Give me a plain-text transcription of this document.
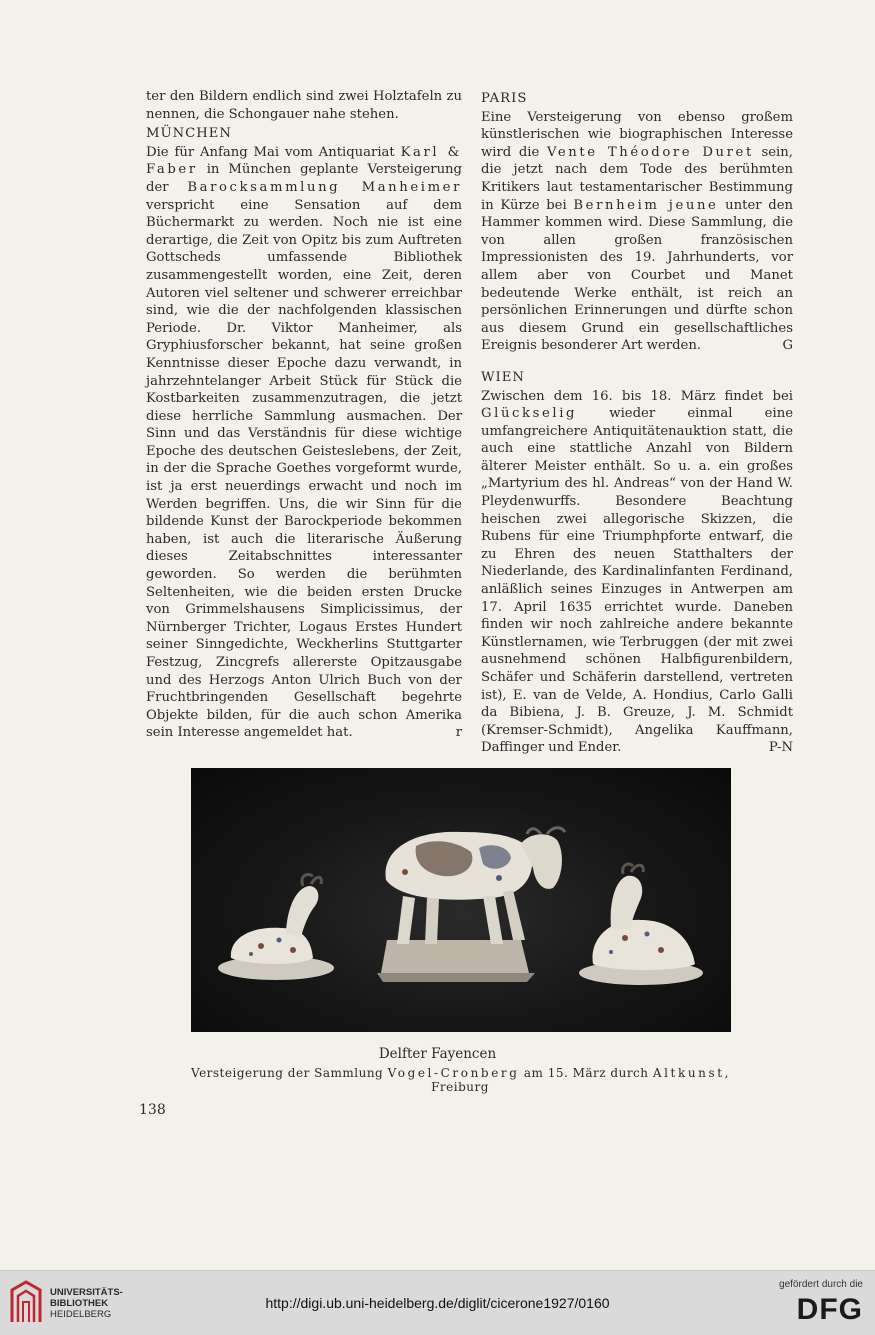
ter den Bildern endlich sind zwei Holztafeln zu nennen, die Schongauer nahe stehen.

MÜNCHEN

Die für Anfang Mai vom Antiquariat Karl & Faber in München geplante Versteigerung der Barocksammlung Manheimer verspricht eine Sensation auf dem Büchermarkt zu werden. Noch nie ist eine derartige, die Zeit von Opitz bis zum Auftreten Gottscheds umfassende Bibliothek zusammengestellt worden, eine Zeit, deren Autoren viel seltener und schwerer erreichbar sind, wie die der nachfolgenden klassischen Periode. Dr. Viktor Manheimer, als Gryphiusforscher bekannt, hat seine großen Kenntnisse dieser Epoche dazu verwandt, in jahrzehntelanger Arbeit Stück für Stück die Kostbarkeiten zusammenzutragen, die jetzt diese herrliche Sammlung ausmachen. Der Sinn und das Verständnis für diese wichtige Epoche des deutschen Geisteslebens, der Zeit, in der die Sprache Goethes vorgeformt wurde, ist ja erst neuerdings erwacht und noch im Werden begriffen. Uns, die wir Sinn für die bildende Kunst der Barockperiode bekommen haben, ist auch die literarische Äußerung dieses Zeitabschnittes interessanter geworden. So werden die berühmten Seltenheiten, wie die beiden ersten Drucke von Grimmelshausens Simplicissimus, der Nürnberger Trichter, Logaus Erstes Hundert seiner Sinngedichte, Weckherlins Stuttgarter Festzug, Zincgrefs allererste Opitzausgabe und des Herzogs Anton Ulrich Buch von der Fruchtbringenden Gesellschaft begehrte Objekte bilden, für die auch schon Amerika sein Interesse angemeldet hat.	r

PARIS

Eine Versteigerung von ebenso großem künstlerischen wie biographischen Interesse wird die Vente Théodore Duret sein, die jetzt nach dem Tode des berühmten Kritikers laut testamentarischer Bestimmung in Kürze bei Bernheim jeune unter den Hammer kommen wird. Diese Sammlung, die von allen großen französischen Impressionisten des 19. Jahrhunderts, vor allem aber von Courbet und Manet bedeutende Werke enthält, ist reich an persönlichen Erinnerungen und dürfte schon aus diesem Grund ein gesellschaftliches Ereignis besonderer Art werden.	G

WIEN

Zwischen dem 16. bis 18. März findet bei Glückselig wieder einmal eine umfangreichere Antiquitätenauktion statt, die auch eine stattliche Anzahl von Bildern älterer Meister enthält. So u. a. ein großes „Martyrium des hl. Andreas“ von der Hand W. Pleydenwurffs. Besondere Beachtung heischen zwei allegorische Skizzen, die Rubens für eine Triumphpforte entwarf, die zu Ehren des neuen Statthalters der Niederlande, des Kardinalinfanten Ferdinand, anläßlich seines Einzuges in Antwerpen am 17. April 1635 errichtet wurde. Daneben finden wir noch zahlreiche andere bekannte Künstlernamen, wie Terbruggen (der mit zwei ausnehmend schönen Halbfigurenbildern, Schäfer und Schäferin darstellend, vertreten ist), E. van de Velde, A. Hondius, Carlo Galli da Bibiena, J. B. Greuze, J. M. Schmidt (Kremser-Schmidt), Angelika Kauffmann, Daffinger und Ender.	P-N

Delfter Fayencen
Versteigerung der Sammlung Vogel-Cronberg am 15. März durch Altkunst, Freiburg
138
UNIVERSITÄTS-
BIBLIOTHEK
HEIDELBERG
http://digi.ub.uni-heidelberg.de/diglit/cicerone1927/0160
gefördert durch die
DFG
